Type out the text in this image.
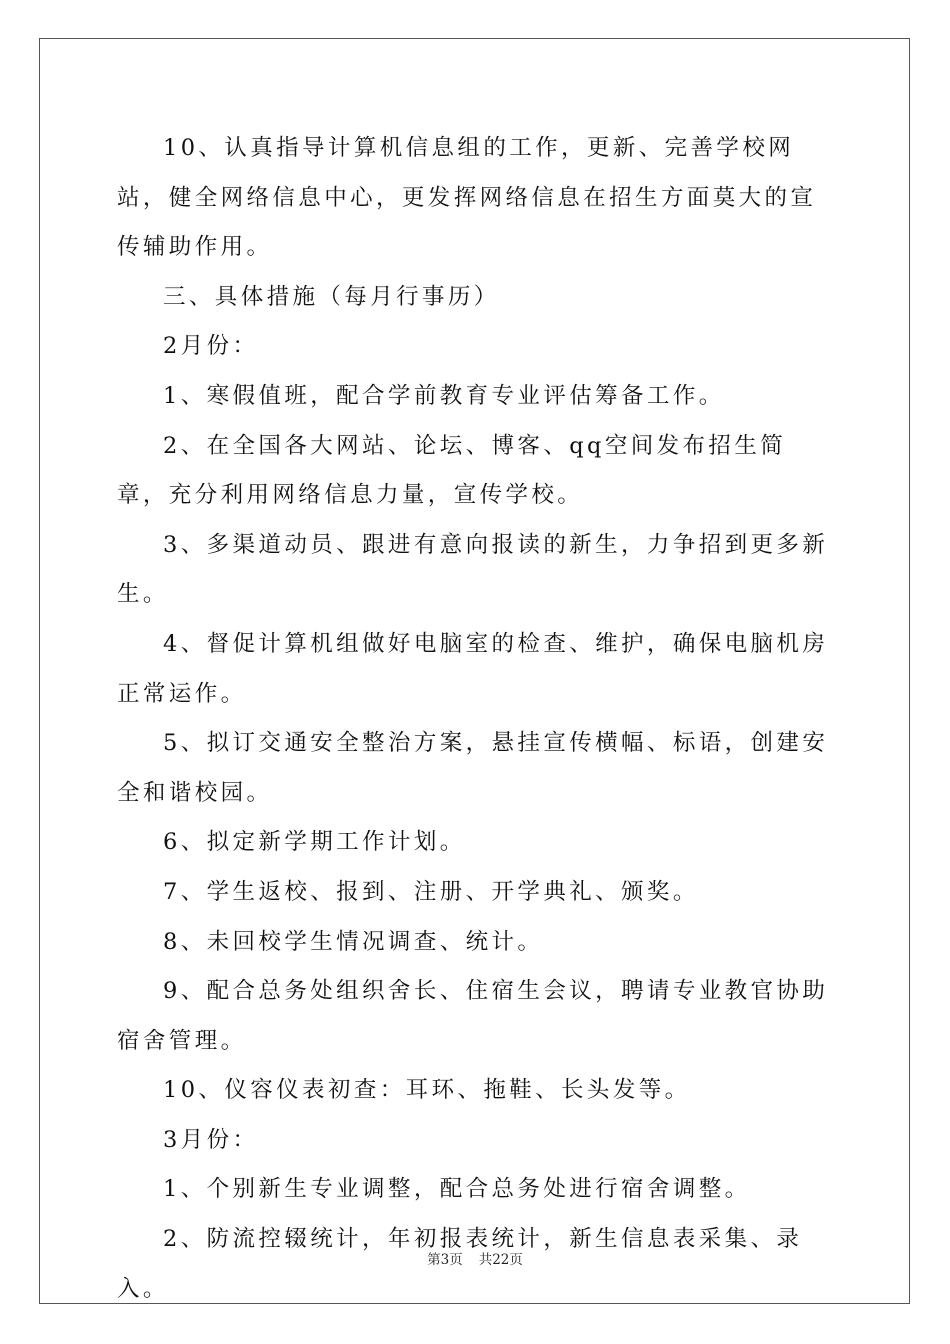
10、认真指导计算机信息组的工作，更新、完善学校网站，健全网络信息中心，更发挥网络信息在招生方面莫大的宣传辅助作用。

三、具体措施（每月行事历）

2月份：

1、寒假值班，配合学前教育专业评估筹备工作。

2、在全国各大网站、论坛、博客、qq空间发布招生简章，充分利用网络信息力量，宣传学校。

3、多渠道动员、跟进有意向报读的新生，力争招到更多新生。

4、督促计算机组做好电脑室的检查、维护，确保电脑机房正常运作。

5、拟订交通安全整治方案，悬挂宣传横幅、标语，创建安全和谐校园。

6、拟定新学期工作计划。

7、学生返校、报到、注册、开学典礼、颁奖。

8、未回校学生情况调查、统计。

9、配合总务处组织舍长、住宿生会议，聘请专业教官协助宿舍管理。

10、仪容仪表初查：耳环、拖鞋、长头发等。

3月份：

1、个别新生专业调整，配合总务处进行宿舍调整。

2、防流控辍统计，年初报表统计，新生信息表采集、录入。

第3页 共22页
